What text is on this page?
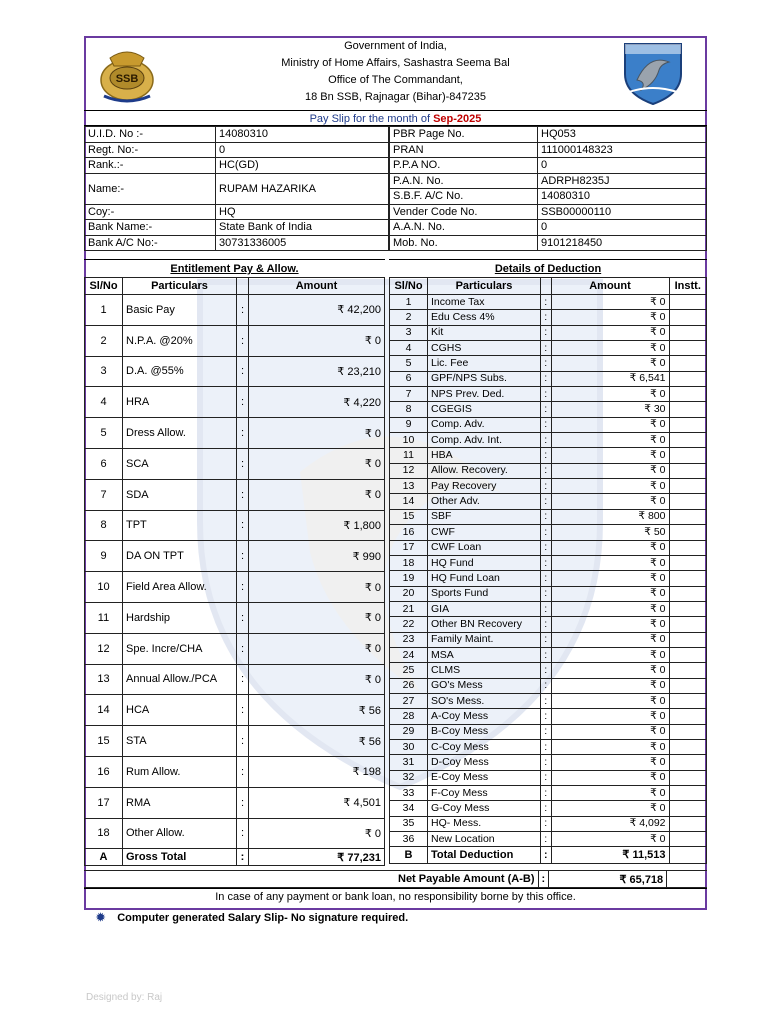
SSB
Government of India,
Ministry of Home Affairs, Sashastra Seema Bal
Office of The Commandant,
18 Bn SSB, Rajnagar (Bihar)-847235
Pay Slip for the month of Sep-2025
U.I.D. No :-	14080310
Regt. No:-	0
Rank.:-	HC(GD)
Name:-	RUPAM HAZARIKA
Coy:-	HQ
Bank Name:-	State Bank of India
Bank A/C No:-	30731336005
PBR Page No.	HQ053
PRAN	111000148323
P.P.A NO.	0
P.A.N. No.	ADRPH8235J
S.B.F. A/C No.	14080310
Vender Code No.	SSB00000110
A.A.N. No.	0
Mob. No.	9101218450
Entitlement Pay & Allow.	Details of Deduction
Sl/No	Particulars		Amount
1	Basic Pay	:	₹ 42,200
2	N.P.A. @20%	:	₹ 0
3	D.A. @55%	:	₹ 23,210
4	HRA	:	₹ 4,220
5	Dress Allow.	:	₹ 0
6	SCA	:	₹ 0
7	SDA	:	₹ 0
8	TPT	:	₹ 1,800
9	DA ON TPT	:	₹ 990
10	Field Area Allow.	:	₹ 0
11	Hardship	:	₹ 0
12	Spe. Incre/CHA	:	₹ 0
13	Annual Allow./PCA	:	₹ 0
14	HCA	:	₹ 56
15	STA	:	₹ 56
16	Rum Allow.	:	₹ 198
17	RMA	:	₹ 4,501
18	Other Allow.	:	₹ 0
A	Gross Total	:	₹ 77,231
Sl/No	Particulars		Amount	Instt.
1	Income Tax	:	₹ 0	
2	Edu Cess 4%	:	₹ 0	
3	Kit	:	₹ 0	
4	CGHS	:	₹ 0	
5	Lic. Fee	:	₹ 0	
6	GPF/NPS Subs.	:	₹ 6,541	
7	NPS Prev. Ded.	:	₹ 0	
8	CGEGIS	:	₹ 30	
9	Comp. Adv.	:	₹ 0	
10	Comp. Adv. Int.	:	₹ 0	
11	HBA	:	₹ 0	
12	Allow. Recovery.	:	₹ 0	
13	Pay Recovery	:	₹ 0	
14	Other Adv.	:	₹ 0	
15	SBF	:	₹ 800	
16	CWF	:	₹ 50	
17	CWF Loan	:	₹ 0	
18	HQ Fund	:	₹ 0	
19	HQ Fund Loan	:	₹ 0	
20	Sports Fund	:	₹ 0	
21	GIA	:	₹ 0	
22	Other BN Recovery	:	₹ 0	
23	Family Maint.	:	₹ 0	
24	MSA	:	₹ 0	
25	CLMS	:	₹ 0	
26	GO's Mess	:	₹ 0	
27	SO's Mess.	:	₹ 0	
28	A-Coy Mess	:	₹ 0	
29	B-Coy Mess	:	₹ 0	
30	C-Coy Mess	:	₹ 0	
31	D-Coy Mess	:	₹ 0	
32	E-Coy Mess	:	₹ 0	
33	F-Coy Mess	:	₹ 0	
34	G-Coy Mess	:	₹ 0	
35	HQ- Mess.	:	₹ 4,092	
36	New Location	:	₹ 0	
B	Total Deduction	:	₹ 11,513	
Net Payable Amount (A-B)	:	₹ 65,718	
In case of any payment or bank loan, no responsibility borne by this office.
✹ Computer generated Salary Slip- No signature required.
Designed by: Raj
